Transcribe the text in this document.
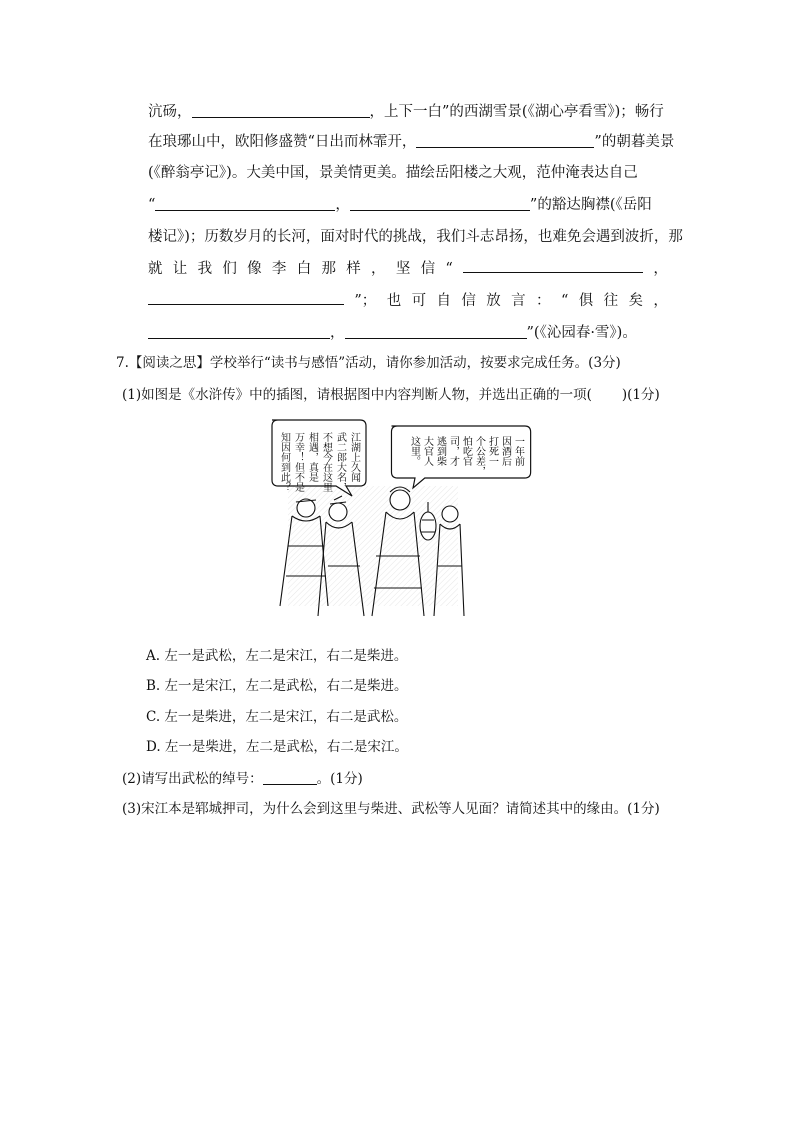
沆砀，	，上下一白”的西湖雪景(《湖心亭看雪》)；畅行
在琅琊山中，欧阳修盛赞“日出而林霏开，	”的朝暮美景
(《醉翁亭记》)。大美中国，景美情更美。描绘岳阳楼之大观，范仲淹表达自己
“	，	”的豁达胸襟(《岳阳
楼记》)；历数岁月的长河，面对时代的挑战，我们斗志昂扬，也难免会遇到波折，那
就 让 我 们 像 李 白 那 样 ， 坚 信 “	，
”； 也 可 自 信 放 言 ： “ 俱 往 矣 ，
，	”(《沁园春·雪》)。
7.【阅读之思】学校举行“读书与感悟”活动，请你参加活动，按要求完成任务。(3分)
(1)如图是《水浒传》中的插图，请根据图中内容判断人物，并选出正确的一项( )(1分)
江湖上久闻
武二郎大名，
不想今在这里
相遇，真是
万幸！但不是
知因何到此？	一年前
因酒后
打死一
个公差，
怕吃官
司，才
逃到柴
大官人
这里。
A. 左一是武松，左二是宋江，右二是柴进。
B. 左一是宋江，左二是武松，右二是柴进。
C. 左一是柴进，左二是宋江，右二是武松。
D. 左一是柴进，左二是武松，右二是宋江。
(2)请写出武松的绰号：	。(1分)
(3)宋江本是郓城押司，为什么会到这里与柴进、武松等人见面？请简述其中的缘由。(1分)
